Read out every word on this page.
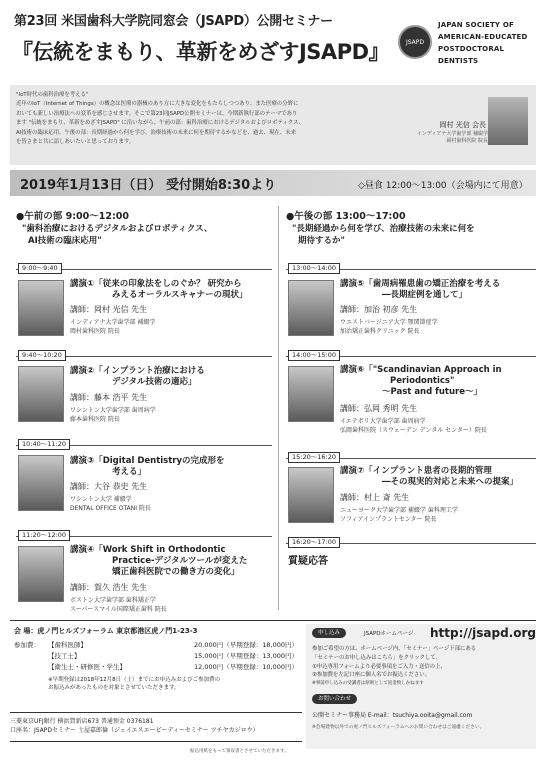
第23回 米国歯科大学院同窓会（JSAPD）公開セミナー
『伝統をまもり、革新をめざすJSAPD』	JSAPD
JAPAN SOCIETY OF
AMERICAN-EDUCATED
POSTDOCTORAL DENTISTS
"IoT時代の歯科治療を考える"
近年のIoT（Internet of Things）の概念は医療の器械のあり方に大きな変化をもたらしつつあり、また医療の分野に
おいても新しい治療法への変革を感じさせます。そこで第23回JSAPD公開セミナーは、今期新執行部のテーマであり
ます "伝統をまもり、革新をめざすJSAPD" に沿いながら、午前の部：歯科治療におけるデジタルおよびロボティクス、
AI技術の臨床応用、午後の部：長期経過から何を学び、治療技術の未来に何を期待するかなどを、過去、現在、未来
を皆さまと共に語しあいたいと思っております。
岡村 光信 会長
インディアナ大学歯学部 補綴学
岡村歯科医院 院長
2019年1月13日（日） 受付開始8:30より	◇昼食 12:00～13:00（会場内にて用意）
●午前の部 9:00～12:00
"歯科治療におけるデジタルおよびロボティクス、
AI技術の臨床応用"
9:00～9:40
講演①「従来の印象法をしのぐか？ 研究から
みえるオーラルスキャナーの現状」
講師：岡村 光信 先生
インディアナ大学歯学部 補綴学
岡村歯科医院 院長
9:40～10:20
講演②「インプラント治療における
デジタル技術の適応」
講師：藤本 浩平 先生
ワシントン大学歯学部 歯周病学
藤本歯科医院 院長
10:40～11:20
講演③「Digital Dentistryの完成形を
考える」
講師：大谷 恭史 先生
ワシントン大学 補綴学
DENTAL OFFICE OTANI 院長
11:20～12:00
講演④「Work Shift in Orthodontic
Practice-デジタルツールが変えた
矯正歯科医院での働き方の変化」
講師：賀久 浩生 先生
ボストン大学歯学部 歯科矯正学
スーパースマイル国際矯正歯科 院長
●午後の部 13:00～17:00
"長期経過から何を学び、治療技術の未来に何を
期待するか"
13:00～14:00
講演⑤「歯周病罹患歯の矯正治療を考える
―長期症例を通して」
講師：加治 初彦 先生
ウエストバージニア大学 顎関節症学
加治矯正歯科クリニック 院長
14:00～15:00
講演⑥「"Scandinavian Approach in
Periodontics"
～Past and future～」
講師：弘岡 秀明 先生
イエテボリ大学歯学部 歯周病学
弘岡歯科医院（スウェーデン デンタル センター）院長
15:20～16:20
講演⑦「インプラント患者の長期的管理
―その現実的対応と未来への提案」
講師：村上 斎 先生
ニューヨーク大学歯学部 補綴学 歯科理工学
ソフィアインプラントセンター 院長
16:20～17:00
質疑応答
会 場：虎ノ門ヒルズフォーラム 東京都港区虎ノ門1-23-3
参加費： 【歯科医師】	20,000円（早期登録：18,000円）
【技工士】	15,000円（早期登録：13,000円）
【衛生士・研修医・学生】	12,000円（早期登録：10,000円）
※早期登録は2018年12月8日（土）までにお申込みおよびご参加費の
お振込みがあったものを対象とさせていただきます。
三菱東京UFJ銀行 横浜賀新店673 普通預金 0376181
口座名：JSAPDセミナー 土屋嘉郎倫（ジェイエスエーピーディーセミナー ツチヤカジロウ）
振込用紙をもって領収書とさせていただきます。
申し込み	JSAPDホームページ http://jsapd.org
参加ご希望の方は、ホームページ内、「セミナー」ページ下部にある
「セミナーのお申し込みはこちら」をクリックして、
①申込専用フォームより必要事項をご入力・送信の上、
②参加費を左記口座に個人名でお振込ください。
※事前申し込みの受講者は原則として返金致しかねます
お問い合わせ
公開セミナー事務局 E-mail：tsuchiya.ooita@gmail.com
※会場建物以外での虎ノ門ヒルズフォーラムへのお問い合わせはご遠慮ください。
